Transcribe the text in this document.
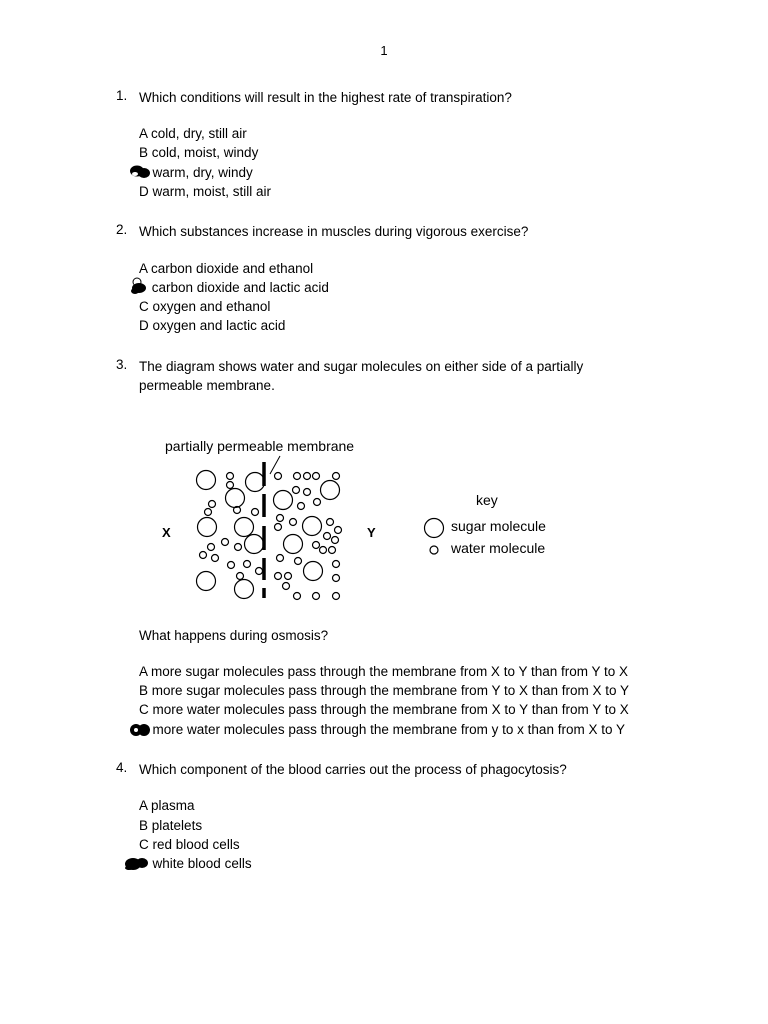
1
1. Which conditions will result in the highest rate of transpiration?
A cold, dry, still air
B cold, moist, windy
warm, dry, windy
D warm, moist, still air
2. Which substances increase in muscles during vigorous exercise?
A carbon dioxide and ethanol
carbon dioxide and lactic acid
C oxygen and ethanol
D oxygen and lactic acid
3. The diagram shows water and sugar molecules on either side of a partially permeable membrane.
partially permeable membrane
X	Y
key
sugar molecule
water molecule
What happens during osmosis?
A more sugar molecules pass through the membrane from X to Y than from Y to X
B more sugar molecules pass through the membrane from Y to X than from X to Y
C more water molecules pass through the membrane from X to Y than from Y to X
more water molecules pass through the membrane from y to x than from X to Y
4. Which component of the blood carries out the process of phagocytosis?
A plasma
B platelets
C red blood cells
white blood cells
